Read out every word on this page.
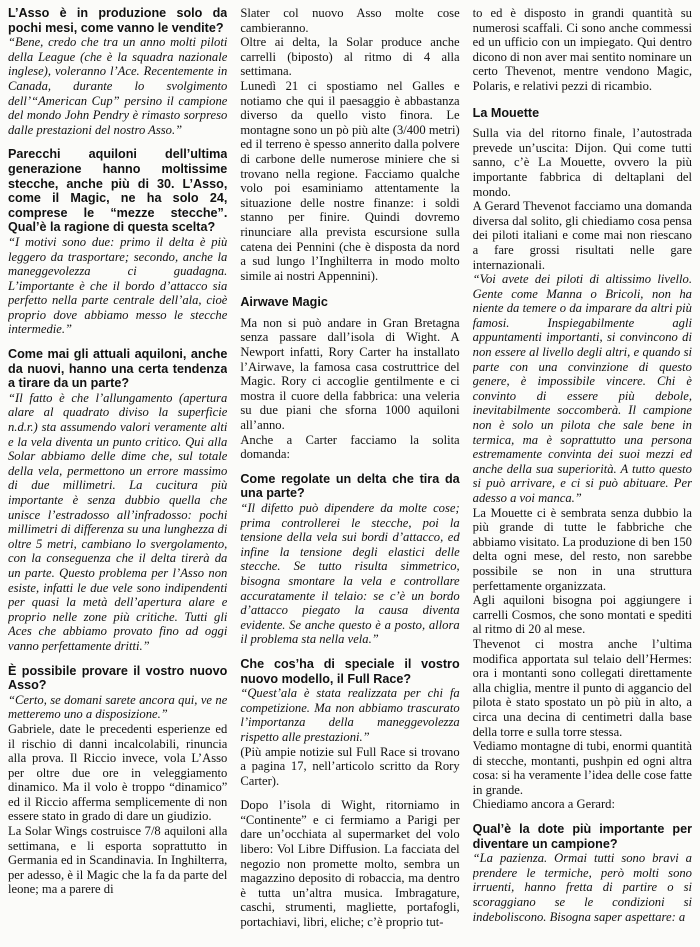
L’Asso è in produzione solo da pochi mesi, come vanno le vendite?

“Bene, credo che tra un anno molti piloti della League (che è la squadra nazionale inglese), voleranno l’Ace. Recentemente in Canada, durante lo svolgimento dell’“American Cup” persino il campione del mondo John Pendry è rimasto sorpreso dalle prestazioni del nostro Asso.”

Parecchi aquiloni dell’ultima generazione hanno moltissime stecche, anche più di 30. L’Asso, come il Magic, ne ha solo 24, comprese le “mezze stecche”. Qual’è la ragione di questa scelta?

“I motivi sono due: primo il delta è più leggero da trasportare; secondo, anche la maneggevolezza ci guadagna. L’importante è che il bordo d’attacco sia perfetto nella parte centrale dell’ala, cioè proprio dove abbiamo messo le stecche intermedie.”

Come mai gli attuali aquiloni, anche da nuovi, hanno una certa tendenza a tirare da un parte?

“Il fatto è che l’allungamento (apertura alare al quadrato diviso la superficie n.d.r.) sta assumendo valori veramente alti e la vela diventa un punto critico. Qui alla Solar abbiamo delle dime che, sul totale della vela, permettono un errore massimo di due millimetri. La cucitura più importante è senza dubbio quella che unisce l’estradosso all’infradosso: pochi millimetri di differenza su una lunghezza di oltre 5 metri, cambiano lo svergolamento, con la conseguenza che il delta tirerà da un parte. Questo problema per l’Asso non esiste, infatti le due vele sono indipendenti per quasi la metà dell’apertura alare e proprio nelle zone più critiche. Tutti gli Aces che abbiamo provato fino ad oggi vanno perfettamente dritti.”

È possibile provare il vostro nuovo Asso?

“Certo, se domani sarete ancora qui, ve ne metteremo uno a disposizione.”

Gabriele, date le precedenti esperienze ed il rischio di danni incalcolabili, rinuncia alla prova. Il Riccio invece, vola L’Asso per oltre due ore in veleggiamento dinamico. Ma il volo è troppo “dinamico” ed il Riccio afferma semplicemente di non essere stato in grado di dare un giudizio.

La Solar Wings costruisce 7/8 aquiloni alla settimana, e li esporta soprattutto in Germania ed in Scandinavia. In Inghilterra, per adesso, è il Magic che la fa da parte del leone; ma a parere di

Slater col nuovo Asso molte cose cambieranno.

Oltre ai delta, la Solar produce anche carrelli (biposto) al ritmo di 4 alla settimana.

Lunedì 21 ci spostiamo nel Galles e notiamo che qui il paesaggio è abbastanza diverso da quello visto finora. Le montagne sono un pò più alte (3/400 metri) ed il terreno è spesso annerito dalla polvere di carbone delle numerose miniere che si trovano nella regione. Facciamo qualche volo poi esaminiamo attentamente la situazione delle nostre finanze: i soldi stanno per finire. Quindi dovremo rinunciare alla prevista escursione sulla catena dei Pennini (che è disposta da nord a sud lungo l’Inghilterra in modo molto simile ai nostri Appennini).

Airwave Magic

Ma non si può andare in Gran Bretagna senza passare dall’isola di Wight. A Newport infatti, Rory Carter ha installato l’Airwave, la famosa casa costruttrice del Magic. Rory ci accoglie gentilmente e ci mostra il cuore della fabbrica: una veleria su due piani che sforna 1000 aquiloni all’anno.

Anche a Carter facciamo la solita domanda:

Come regolate un delta che tira da una parte?

“Il difetto può dipendere da molte cose; prima controllerei le stecche, poi la tensione della vela sui bordi d’attacco, ed infine la tensione degli elastici delle stecche. Se tutto risulta simmetrico, bisogna smontare la vela e controllare accuratamente il telaio: se c’è un bordo d’attacco piegato la causa diventa evidente. Se anche questo è a posto, allora il problema sta nella vela.”

Che cos’ha di speciale il vostro nuovo modello, il Full Race?

“Quest’ala è stata realizzata per chi fa competizione. Ma non abbiamo trascurato l’importanza della maneggevolezza rispetto alle prestazioni.”

(Più ampie notizie sul Full Race si trovano a pagina 17, nell’articolo scritto da Rory Carter).

Dopo l’isola di Wight, ritorniamo in “Continente” e ci fermiamo a Parigi per dare un’occhiata al supermarket del volo libero: Vol Libre Diffusion. La facciata del negozio non promette molto, sembra un magazzino deposito di robaccia, ma dentro è tutta un’altra musica. Imbragature, caschi, strumenti, magliette, portafogli, portachiavi, libri, eliche; c’è proprio tut-

to ed è disposto in grandi quantità su numerosi scaffali. Ci sono anche commessi ed un ufficio con un impiegato. Qui dentro dicono di non aver mai sentito nominare un certo Thevenot, mentre vendono Magic, Polaris, e relativi pezzi di ricambio.

La Mouette

Sulla via del ritorno finale, l’autostrada prevede un’uscita: Dijon. Qui come tutti sanno, c’è La Mouette, ovvero la più importante fabbrica di deltaplani del mondo.

A Gerard Thevenot facciamo una domanda diversa dal solito, gli chiediamo cosa pensa dei piloti italiani e come mai non riescano a fare grossi risultati nelle gare internazionali.

“Voi avete dei piloti di altissimo livello. Gente come Manna o Bricoli, non ha niente da temere o da imparare da altri più famosi. Inspiegabilmente agli appuntamenti importanti, si convincono di non essere al livello degli altri, e quando si parte con una convinzione di questo genere, è impossibile vincere. Chi è convinto di essere più debole, inevitabilmente soccomberà. Il campione non è solo un pilota che sale bene in termica, ma è soprattutto una persona estremamente convinta dei suoi mezzi ed anche della sua superiorità. A tutto questo si può arrivare, e ci si può abituare. Per adesso a voi manca.”

La Mouette ci è sembrata senza dubbio la più grande di tutte le fabbriche che abbiamo visitato. La produzione di ben 150 delta ogni mese, del resto, non sarebbe possibile se non in una struttura perfettamente organizzata.

Agli aquiloni bisogna poi aggiungere i carrelli Cosmos, che sono montati e spediti al ritmo di 20 al mese.

Thevenot ci mostra anche l’ultima modifica apportata sul telaio dell’Hermes: ora i montanti sono collegati direttamente alla chiglia, mentre il punto di aggancio del pilota è stato spostato un pò più in alto, a circa una decina di centimetri dalla base della torre e sulla torre stessa.

Vediamo montagne di tubi, enormi quantità di stecche, montanti, pushpin ed ogni altra cosa: si ha veramente l’idea delle cose fatte in grande.

Chiediamo ancora a Gerard:

Qual’è la dote più importante per diventare un campione?

“La pazienza. Ormai tutti sono bravi a prendere le termiche, però molti sono irruenti, hanno fretta di partire o si scoraggiano se le condizioni si indeboliscono. Bisogna saper aspettare: a
